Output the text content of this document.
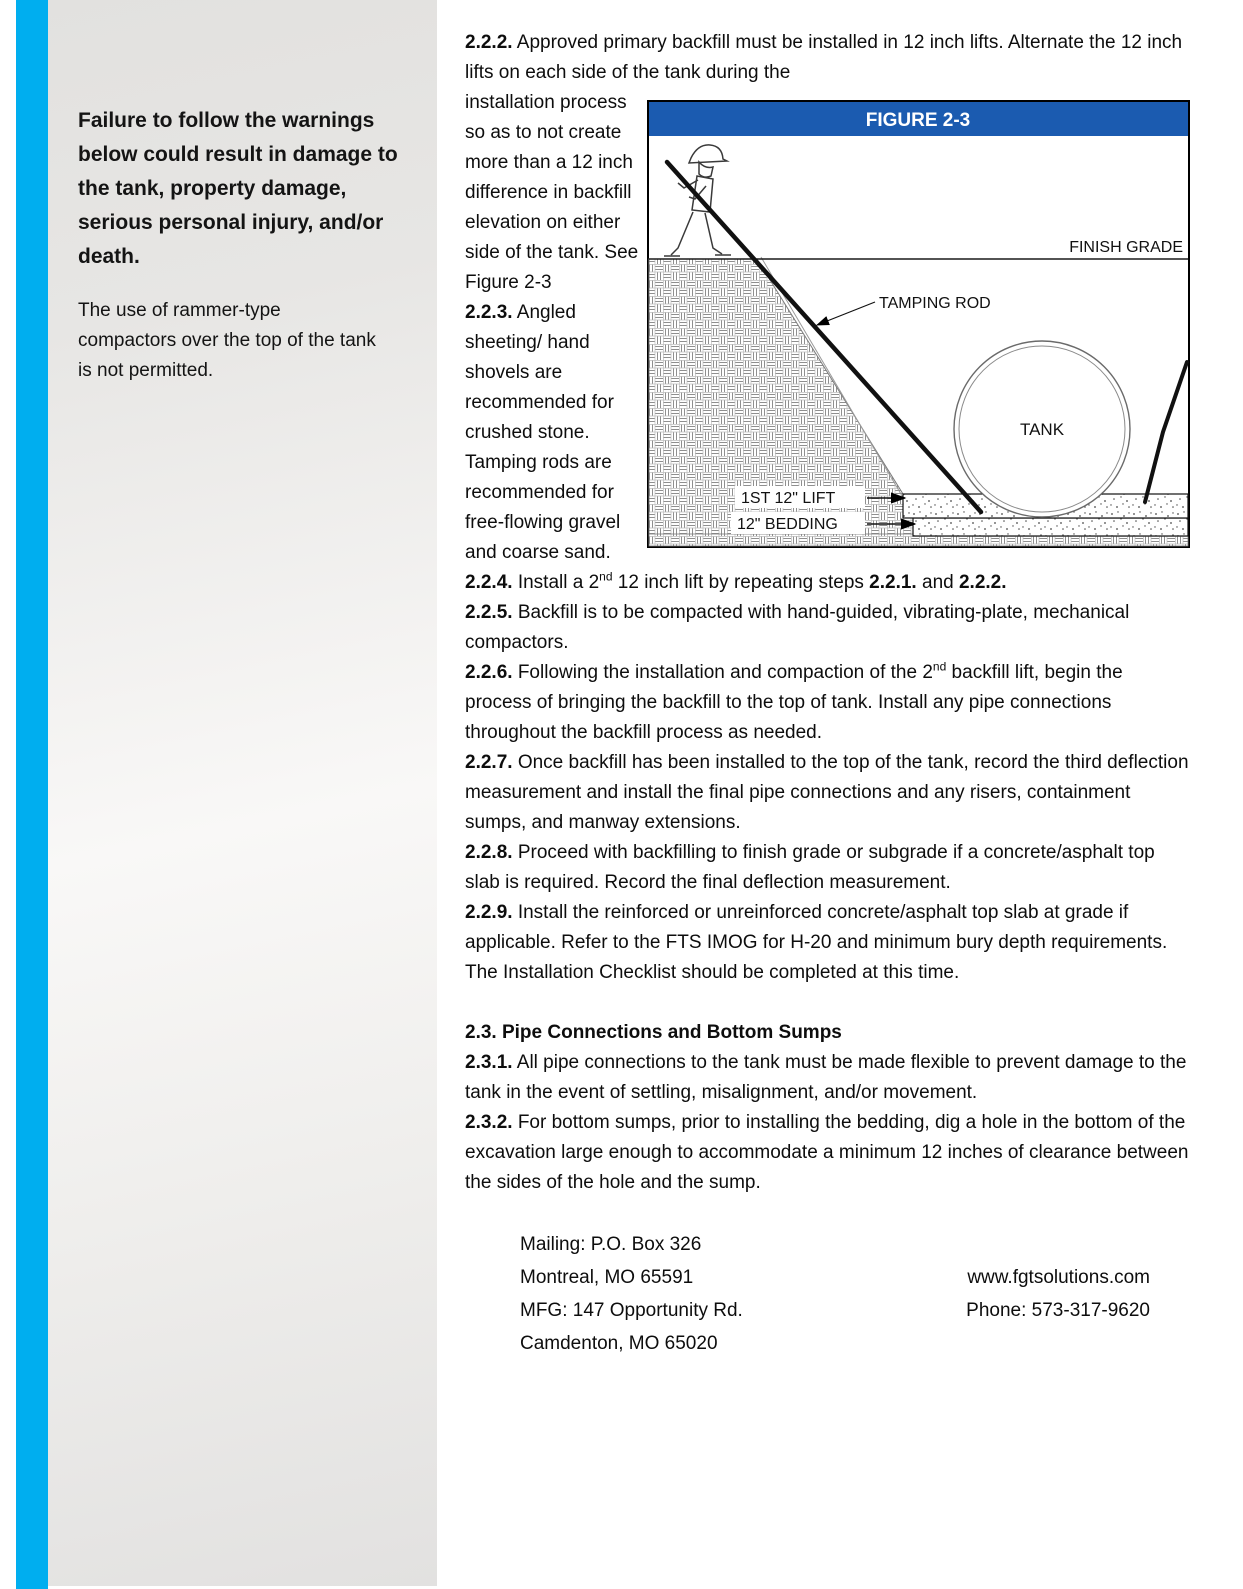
Failure to follow the warnings below could result in damage to the tank, property damage, serious personal injury, and/or death.

The use of rammer-type compactors over the top of the tank is not permitted.

2.2.2. Approved primary backfill must be installed in 12 inch lifts. Alternate the 12 inch lifts on each side of the tank during the

FIGURE 2-3
FINISH GRADE
TANK
TAMPING ROD
1ST 12" LIFT
12" BEDDING
installation process so as to not create more than a 12 inch difference in backfill elevation on either side of the tank. See Figure 2-3

2.2.3. Angled sheeting/ hand shovels are recommended for crushed stone. Tamping rods are recommended for free-flowing gravel and coarse sand.

2.2.4. Install a 2nd 12 inch lift by repeating steps 2.2.1. and 2.2.2.

2.2.5. Backfill is to be compacted with hand-guided, vibrating-plate, mechanical compactors.

2.2.6. Following the installation and compaction of the 2nd backfill lift, begin the process of bringing the backfill to the top of tank. Install any pipe connections throughout the backfill process as needed.

2.2.7. Once backfill has been installed to the top of the tank, record the third deflection measurement and install the final pipe connections and any risers, containment sumps, and manway extensions.

2.2.8. Proceed with backfilling to finish grade or subgrade if a concrete/asphalt top slab is required. Record the final deflection measurement.

2.2.9. Install the reinforced or unreinforced concrete/asphalt top slab at grade if applicable. Refer to the FTS IMOG for H-20 and minimum bury depth requirements. The Installation Checklist should be completed at this time.

2.3. Pipe Connections and Bottom Sumps

2.3.1. All pipe connections to the tank must be made flexible to prevent damage to the tank in the event of settling, misalignment, and/or movement.

2.3.2. For bottom sumps, prior to installing the bedding, dig a hole in the bottom of the excavation large enough to accommodate a minimum 12 inches of clearance between the sides of the hole and the sump.

Mailing: P.O. Box 326
Montreal, MO 65591
MFG: 147 Opportunity Rd.
Camdenton, MO 65020
www.fgtsolutions.com
Phone: 573-317-9620
